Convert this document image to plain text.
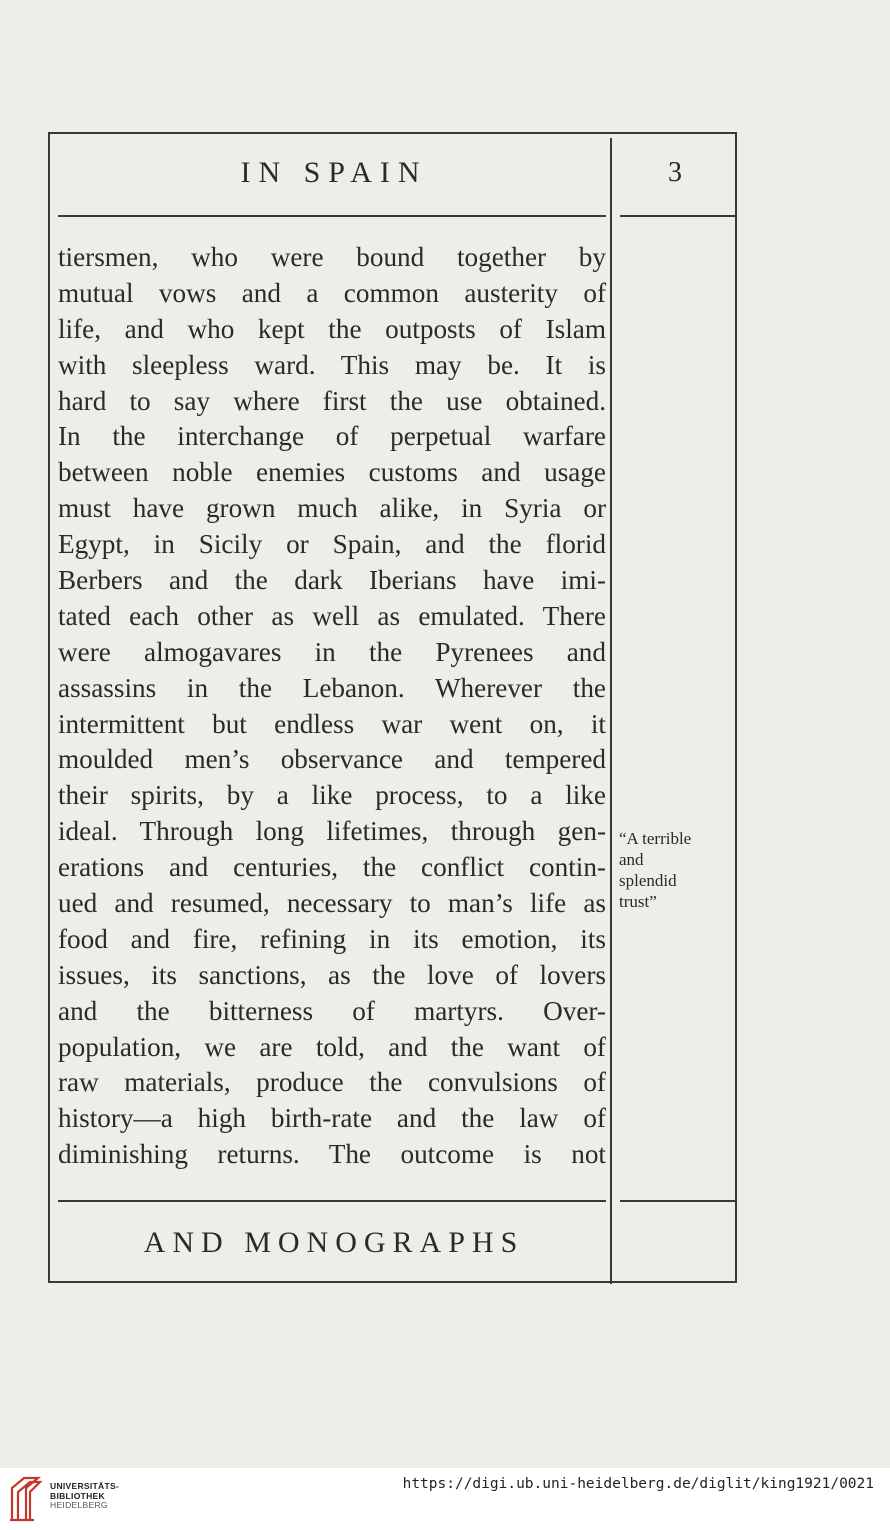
IN SPAIN	3
tiersmen, who were bound together by
mutual vows and a common austerity of
life, and who kept the outposts of Islam
with sleepless ward. This may be. It is
hard to say where first the use obtained.
In the interchange of perpetual warfare
between noble enemies customs and usage
must have grown much alike, in Syria or
Egypt, in Sicily or Spain, and the florid
Berbers and the dark Iberians have imi-
tated each other as well as emulated. There
were almogavares in the Pyrenees and
assassins in the Lebanon. Wherever the
intermittent but endless war went on, it
moulded men’s observance and tempered
their spirits, by a like process, to a like
ideal. Through long lifetimes, through gen-
erations and centuries, the conflict contin-
ued and resumed, necessary to man’s life as
food and fire, refining in its emotion, its
issues, its sanctions, as the love of lovers
and the bitterness of martyrs. Over-
population, we are told, and the want of
raw materials, produce the convulsions of
history—a high birth-rate and the law of
diminishing returns. The outcome is not
“A terrible
and
splendid
trust”
AND MONOGRAPHS
UNIVERSITÄTS-
BIBLIOTHEK
HEIDELBERG
https://digi.ub.uni-heidelberg.de/diglit/king1921/0021
